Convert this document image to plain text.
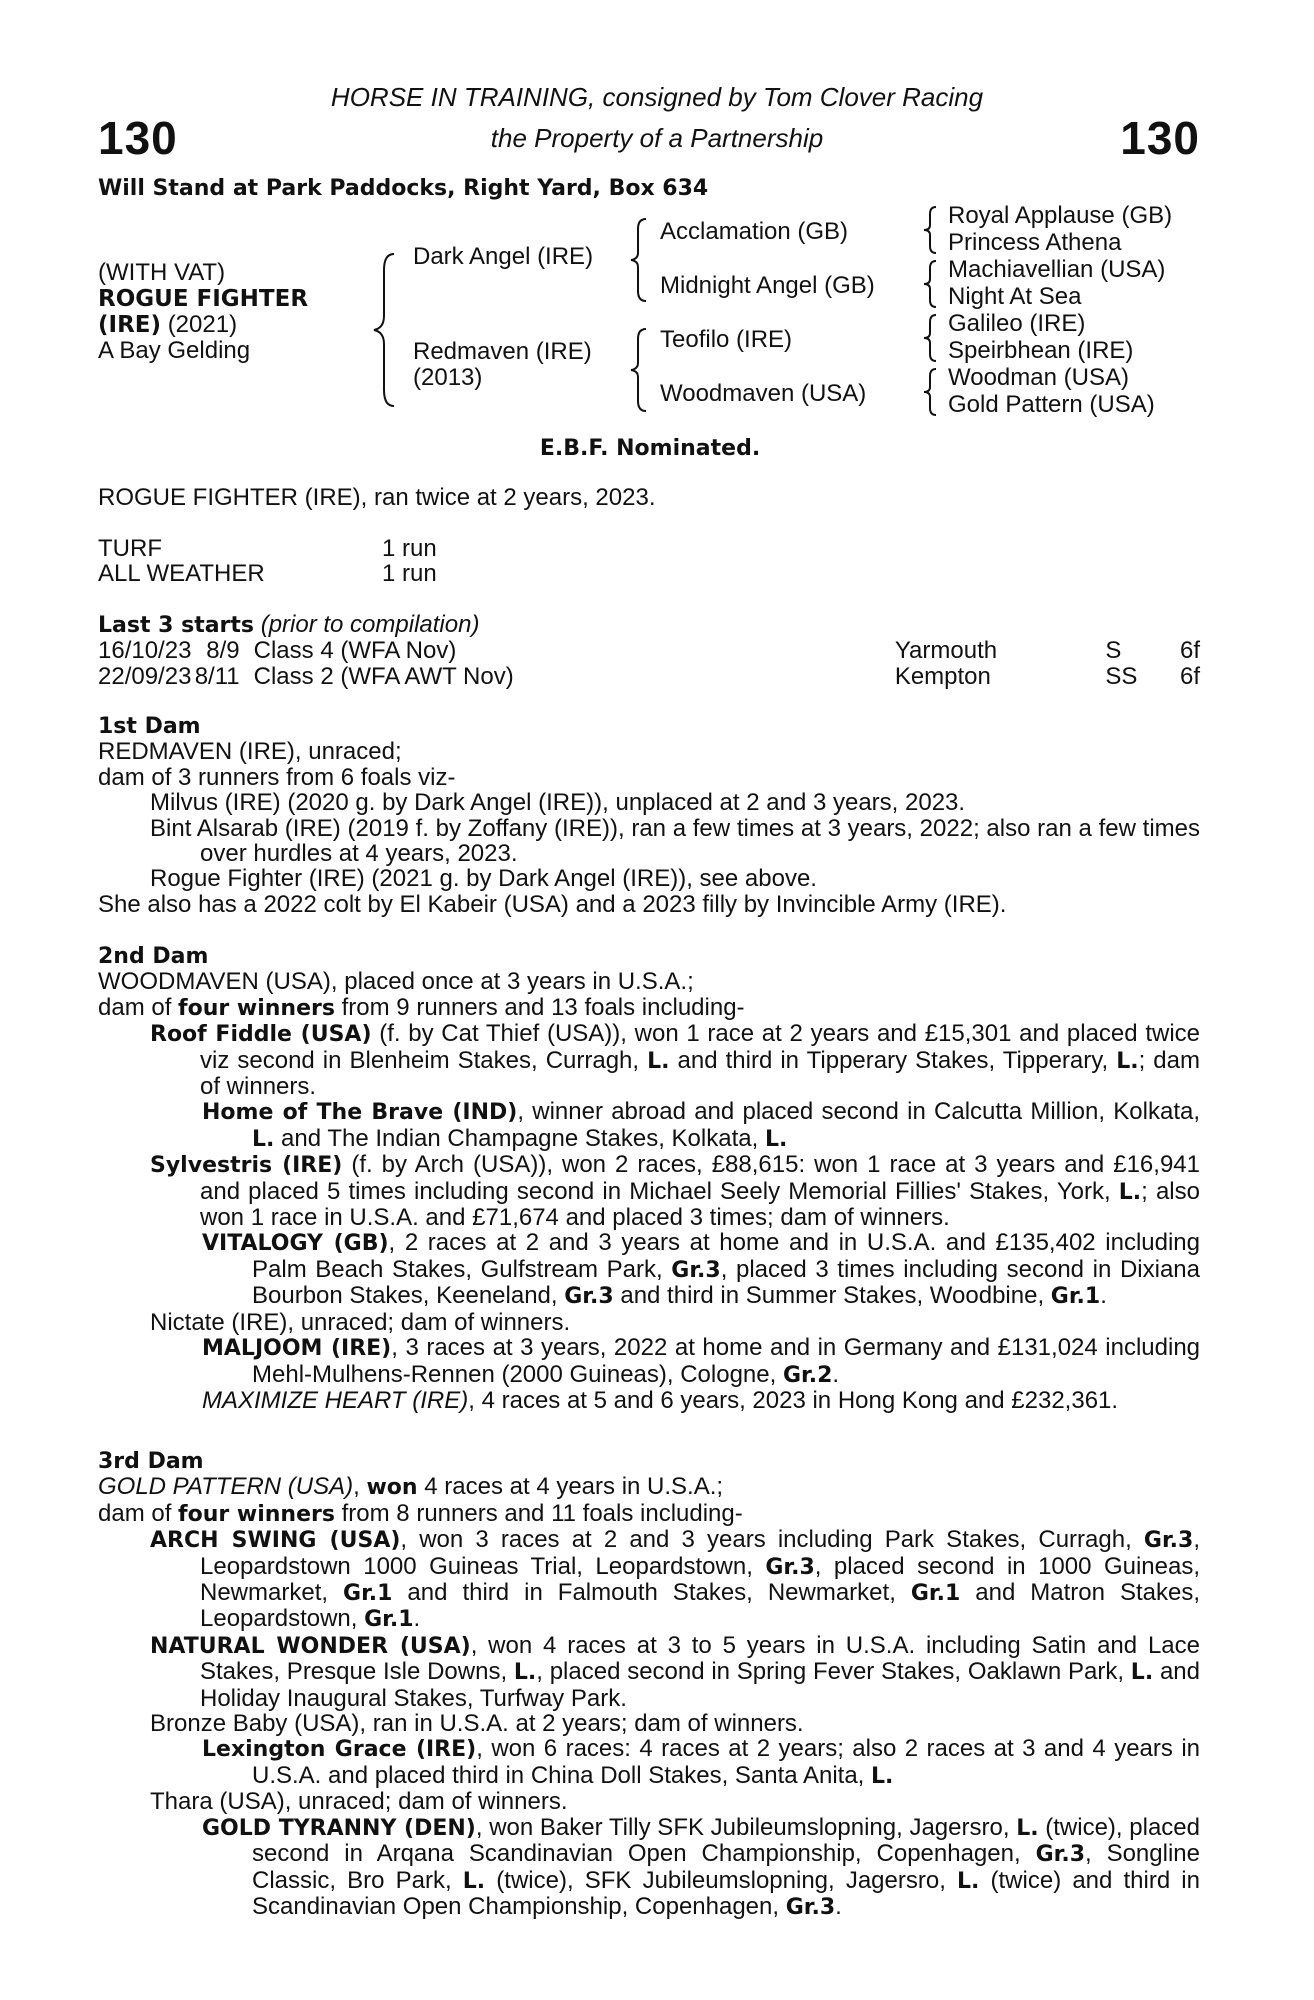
130	130
HORSE IN TRAINING, consigned by Tom Clover Racing
the Property of a Partnership
Will Stand at Park Paddocks, Right Yard, Box 634
(WITH VAT)
ROGUE FIGHTER
(IRE) (2021)
A Bay Gelding
Dark Angel (IRE)
Redmaven (IRE)
(2013)
Acclamation (GB)
Midnight Angel (GB)
Teofilo (IRE)
Woodmaven (USA)
Royal Applause (GB)
Princess Athena
Machiavellian (USA)
Night At Sea
Galileo (IRE)
Speirbhean (IRE)
Woodman (USA)
Gold Pattern (USA)
E.B.F. Nominated.
ROGUE FIGHTER (IRE), ran twice at 2 years, 2023.
TURF	1 run
ALL WEATHER	1 run
Last 3 starts (prior to compilation)
16/10/23 8/9 Class 4 (WFA Nov)	Yarmouth	S	6f
22/09/23 8/11 Class 2 (WFA AWT Nov)	Kempton	SS	6f
1st Dam
REDMAVEN (IRE), unraced;
dam of 3 runners from 6 foals viz-
Milvus (IRE) (2020 g. by Dark Angel (IRE)), unplaced at 2 and 3 years, 2023.
Bint Alsarab (IRE) (2019 f. by Zoffany (IRE)), ran a few times at 3 years, 2022; also ran a few times over hurdles at 4 years, 2023.
Rogue Fighter (IRE) (2021 g. by Dark Angel (IRE)), see above.
She also has a 2022 colt by El Kabeir (USA) and a 2023 filly by Invincible Army (IRE).
2nd Dam
WOODMAVEN (USA), placed once at 3 years in U.S.A.;
dam of four winners from 9 runners and 13 foals including-
Roof Fiddle (USA) (f. by Cat Thief (USA)), won 1 race at 2 years and £15,301 and placed twice viz second in Blenheim Stakes, Curragh, L. and third in Tipperary Stakes, Tipperary, L.; dam of winners.
Home of The Brave (IND), winner abroad and placed second in Calcutta Million, Kolkata, L. and The Indian Champagne Stakes, Kolkata, L.
Sylvestris (IRE) (f. by Arch (USA)), won 2 races, £88,615: won 1 race at 3 years and £16,941 and placed 5 times including second in Michael Seely Memorial Fillies' Stakes, York, L.; also won 1 race in U.S.A. and £71,674 and placed 3 times; dam of winners.
VITALOGY (GB), 2 races at 2 and 3 years at home and in U.S.A. and £135,402 including Palm Beach Stakes, Gulfstream Park, Gr.3, placed 3 times including second in Dixiana Bourbon Stakes, Keeneland, Gr.3 and third in Summer Stakes, Woodbine, Gr.1.
Nictate (IRE), unraced; dam of winners.
MALJOOM (IRE), 3 races at 3 years, 2022 at home and in Germany and £131,024 including Mehl-Mulhens-Rennen (2000 Guineas), Cologne, Gr.2.
MAXIMIZE HEART (IRE), 4 races at 5 and 6 years, 2023 in Hong Kong and £232,361.
3rd Dam
GOLD PATTERN (USA), won 4 races at 4 years in U.S.A.;
dam of four winners from 8 runners and 11 foals including-
ARCH SWING (USA), won 3 races at 2 and 3 years including Park Stakes, Curragh, Gr.3, Leopardstown 1000 Guineas Trial, Leopardstown, Gr.3, placed second in 1000 Guineas, Newmarket, Gr.1 and third in Falmouth Stakes, Newmarket, Gr.1 and Matron Stakes, Leopardstown, Gr.1.
NATURAL WONDER (USA), won 4 races at 3 to 5 years in U.S.A. including Satin and Lace Stakes, Presque Isle Downs, L., placed second in Spring Fever Stakes, Oaklawn Park, L. and Holiday Inaugural Stakes, Turfway Park.
Bronze Baby (USA), ran in U.S.A. at 2 years; dam of winners.
Lexington Grace (IRE), won 6 races: 4 races at 2 years; also 2 races at 3 and 4 years in U.S.A. and placed third in China Doll Stakes, Santa Anita, L.
Thara (USA), unraced; dam of winners.
GOLD TYRANNY (DEN), won Baker Tilly SFK Jubileumslopning, Jagersro, L. (twice), placed second in Arqana Scandinavian Open Championship, Copenhagen, Gr.3, Songline Classic, Bro Park, L. (twice), SFK Jubileumslopning, Jagersro, L. (twice) and third in Scandinavian Open Championship, Copenhagen, Gr.3.
